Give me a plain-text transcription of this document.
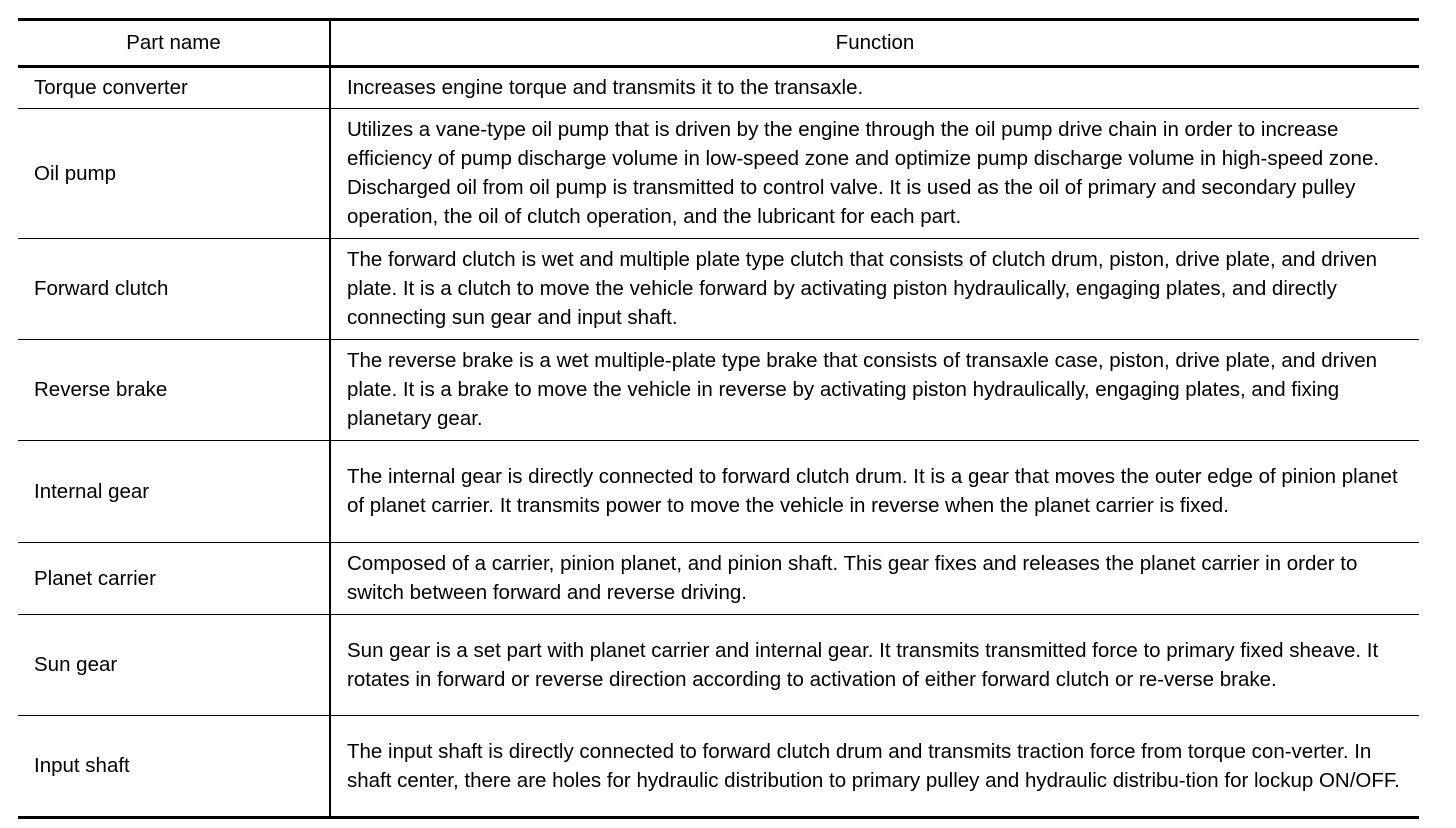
Part name	Function
Torque converter	Increases engine torque and transmits it to the transaxle.
Oil pump	Utilizes a vane-type oil pump that is driven by the engine through the oil pump drive chain in order to increase efficiency of pump discharge volume in low-speed zone and optimize pump discharge volume in high-speed zone. Discharged oil from oil pump is transmitted to control valve. It is used as the oil of primary and secondary pulley operation, the oil of clutch operation, and the lubricant for each part.
Forward clutch	The forward clutch is wet and multiple plate type clutch that consists of clutch drum, piston, drive plate, and driven plate. It is a clutch to move the vehicle forward by activating piston hydraulically, engaging plates, and directly connecting sun gear and input shaft.
Reverse brake	The reverse brake is a wet multiple-plate type brake that consists of transaxle case, piston, drive plate, and driven plate. It is a brake to move the vehicle in reverse by activating piston hydraulically, engaging plates, and fixing planetary gear.
Internal gear	The internal gear is directly connected to forward clutch drum. It is a gear that moves the outer edge of pinion planet of planet carrier. It transmits power to move the vehicle in reverse when the planet carrier is fixed.
Planet carrier	Composed of a carrier, pinion planet, and pinion shaft. This gear fixes and releases the planet carrier in order to switch between forward and reverse driving.
Sun gear	Sun gear is a set part with planet carrier and internal gear. It transmits transmitted force to primary fixed sheave. It rotates in forward or reverse direction according to activation of either forward clutch or re-verse brake.
Input shaft	The input shaft is directly connected to forward clutch drum and transmits traction force from torque con-verter. In shaft center, there are holes for hydraulic distribution to primary pulley and hydraulic distribu-tion for lockup ON/OFF.
